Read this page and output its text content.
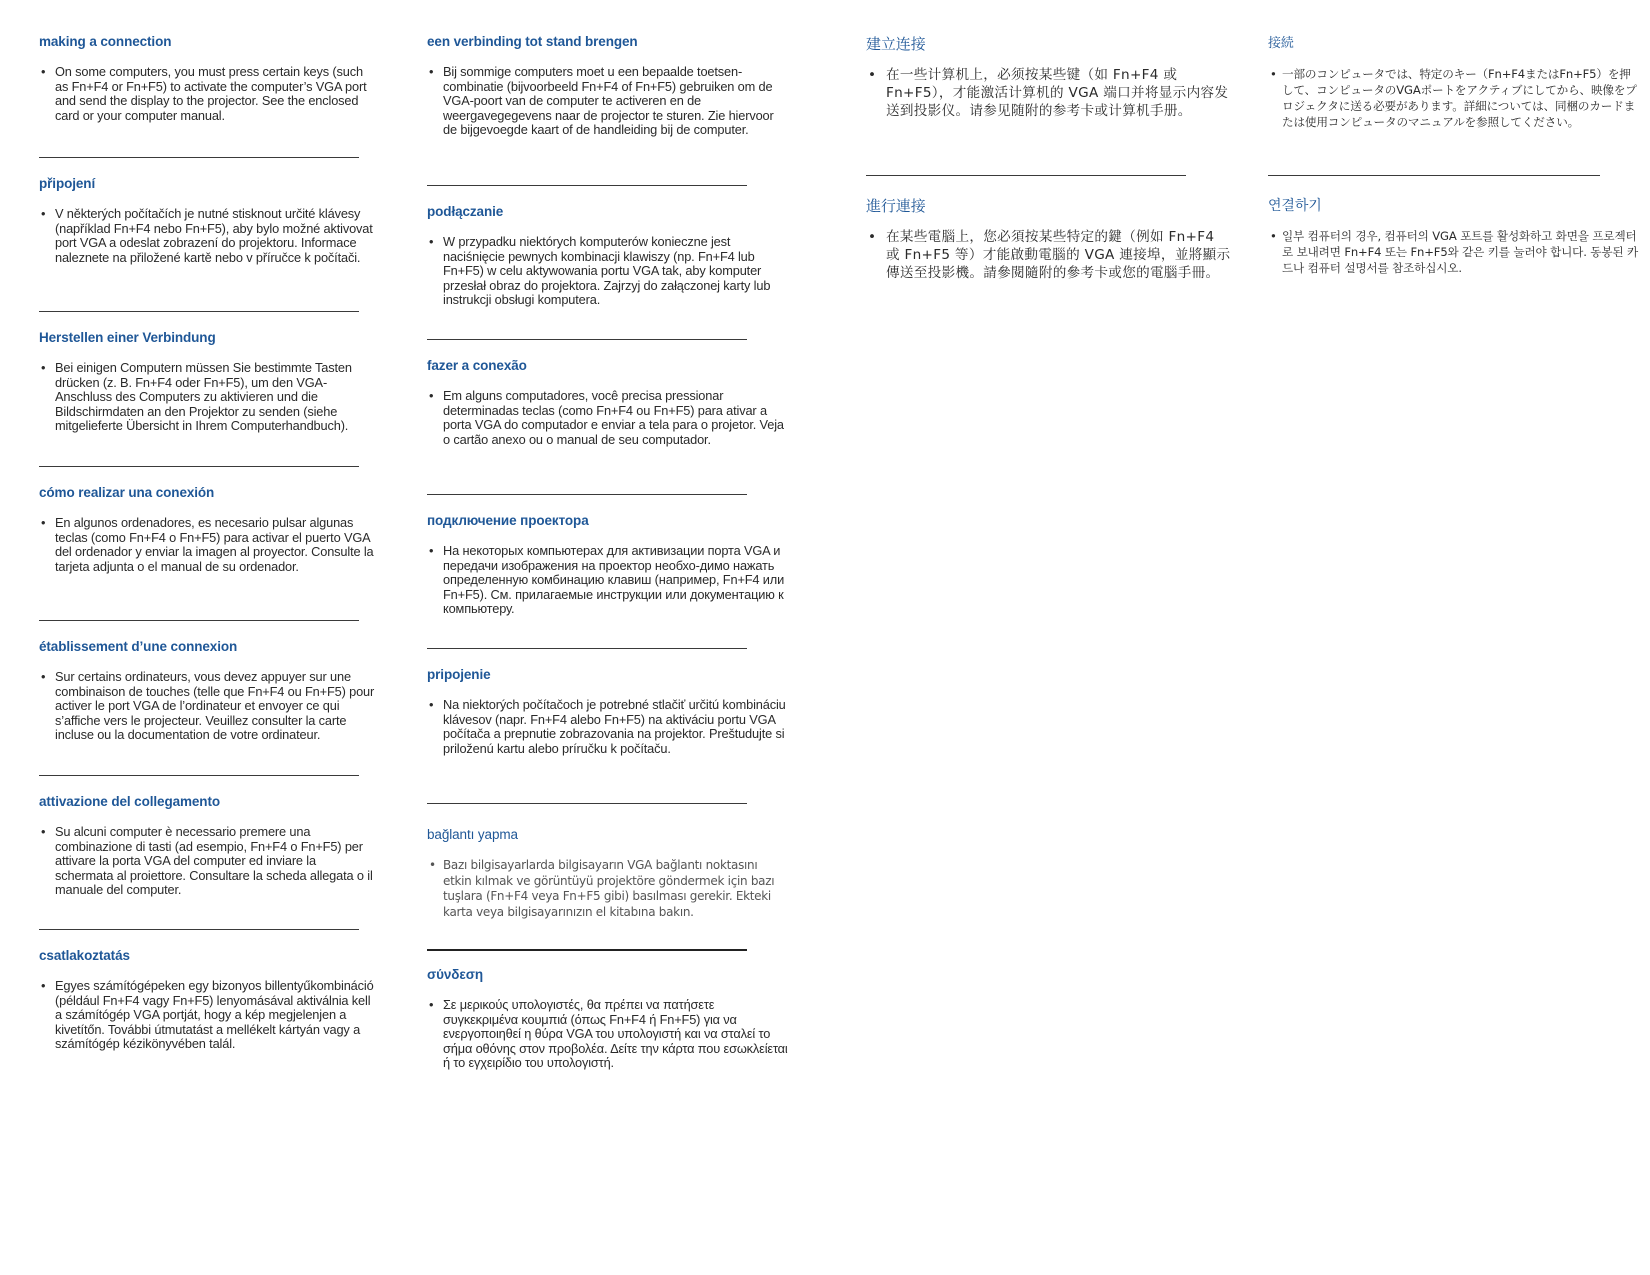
making a connection
• On some computers, you must press certain keys (such as Fn+F4 or Fn+F5) to activate the computer’s VGA port and send the display to the projector. See the enclosed card or your computer manual.
připojení
• V některých počítačích je nutné stisknout určité klávesy (například Fn+F4 nebo Fn+F5), aby bylo možné aktivovat port VGA a odeslat zobrazení do projektoru. Informace naleznete na přiložené kartě nebo v příručce k počítači.
Herstellen einer Verbindung
• Bei einigen Computern müssen Sie bestimmte Tasten drücken (z. B. Fn+F4 oder Fn+F5), um den VGA-Anschluss des Computers zu aktivieren und die Bildschirmdaten an den Projektor zu senden (siehe mitgelieferte Übersicht in Ihrem Computerhandbuch).
cómo realizar una conexión
• En algunos ordenadores, es necesario pulsar algunas teclas (como Fn+F4 o Fn+F5) para activar el puerto VGA del ordenador y enviar la imagen al proyector. Consulte la tarjeta adjunta o el manual de su ordenador.
établissement d’une connexion
• Sur certains ordinateurs, vous devez appuyer sur une combinaison de touches (telle que Fn+F4 ou Fn+F5) pour activer le port VGA de l’ordinateur et envoyer ce qui s’affiche vers le projecteur. Veuillez consulter la carte incluse ou la documentation de votre ordinateur.
attivazione del collegamento
• Su alcuni computer è necessario premere una combinazione di tasti (ad esempio, Fn+F4 o Fn+F5) per attivare la porta VGA del computer ed inviare la schermata al proiettore. Consultare la scheda allegata o il manuale del computer.
csatlakoztatás
• Egyes számítógépeken egy bizonyos billentyűkombináció (például Fn+F4 vagy Fn+F5) lenyomásával aktiválnia kell a számítógép VGA portját, hogy a kép megjelenjen a kivetítőn. További útmutatást a mellékelt kártyán vagy a számítógép kézikönyvében talál.
een verbinding tot stand brengen
• Bij sommige computers moet u een bepaalde toetsen-combinatie (bijvoorbeeld Fn+F4 of Fn+F5) gebruiken om de VGA-poort van de computer te activeren en de weergavegegevens naar de projector te sturen. Zie hiervoor de bijgevoegde kaart of de handleiding bij de computer.
podłączanie
• W przypadku niektórych komputerów konieczne jest naciśnięcie pewnych kombinacji klawiszy (np. Fn+F4 lub Fn+F5) w celu aktywowania portu VGA tak, aby komputer przesłał obraz do projektora. Zajrzyj do załączonej karty lub instrukcji obsługi komputera.
fazer a conexão
• Em alguns computadores, você precisa pressionar determinadas teclas (como Fn+F4 ou Fn+F5) para ativar a porta VGA do computador e enviar a tela para o projetor. Veja o cartão anexo ou o manual de seu computador.
подключение проектора
• На некоторых компьютерах для активизации порта VGA и передачи изображения на проектор необхо-димо нажать определенную комбинацию клавиш (например, Fn+F4 или Fn+F5). См. прилагаемые инструкции или документацию к компьютеру.
pripojenie
• Na niektorých počítačoch je potrebné stlačiť určitú kombináciu klávesov (napr. Fn+F4 alebo Fn+F5) na aktiváciu portu VGA počítača a prepnutie zobrazovania na projektor. Preštudujte si priloženú kartu alebo príručku k počítaču.
bağlantı yapma
• Bazı bilgisayarlarda bilgisayarın VGA bağlantı noktasını etkin kılmak ve görüntüyü projektöre göndermek için bazı tuşlara (Fn+F4 veya Fn+F5 gibi) basılması gerekir. Ekteki karta veya bilgisayarınızın el kitabına bakın.
σύνδεση
• Σε μερικούς υπολογιστές, θα πρέπει να πατήσετε συγκεκριμένα κουμπιά (όπως Fn+F4 ή Fn+F5) για να ενεργοποιηθεί η θύρα VGA του υπολογιστή και να σταλεί το σήμα οθόνης στον προβολέα. Δείτε την κάρτα που εσωκλείεται ή το εγχειρίδιο του υπολογιστή.
建立连接
• 在一些计算机上，必须按某些键（如 Fn+F4 或 Fn+F5），才能激活计算机的 VGA 端口并将显示内容发送到投影仪。请参见随附的参考卡或计算机手册。
進行連接
• 在某些電腦上，您必須按某些特定的鍵（例如 Fn+F4 或 Fn+F5 等）才能啟動電腦的 VGA 連接埠，並將顯示傳送至投影機。請參閱隨附的參考卡或您的電腦手冊。
接続
• 一部のコンピュータでは、特定のキー（Fn+F4またはFn+F5）を押して、コンピュータのVGAポートをアクティブにしてから、映像をプロジェクタに送る必要があります。詳細については、同梱のカードまたは使用コンピュータのマニュアルを参照してください。
연결하기
• 일부 컴퓨터의 경우, 컴퓨터의 VGA 포트를 활성화하고 화면을 프로젝터로 보내려면 Fn+F4 또는 Fn+F5와 같은 키를 눌러야 합니다. 동봉된 카드나 컴퓨터 설명서를 참조하십시오.
